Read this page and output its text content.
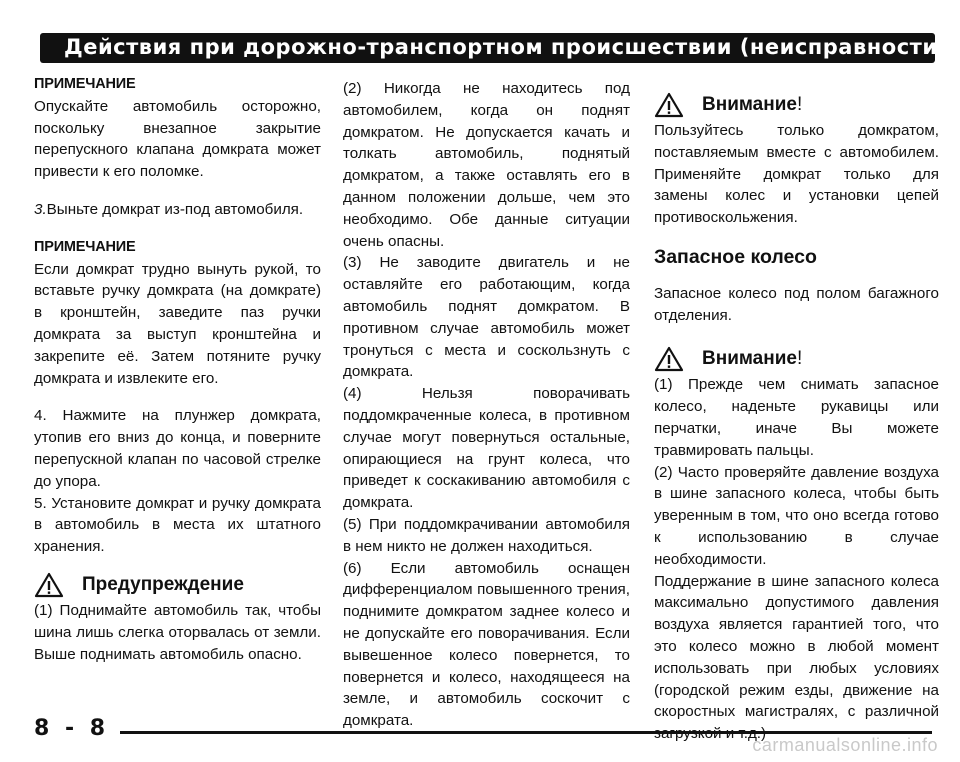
Действия при дорожно-транспортном происшествии (неисправности)

ПРИМЕЧАНИЕ

Опускайте автомобиль осторожно, поскольку внезапное закрытие перепускного клапана домкрата может привести к его поломке.

3.Выньте домкрат из-под автомобиля.

ПРИМЕЧАНИЕ

Если домкрат трудно вынуть рукой, то вставьте ручку домкрата (на домкрате) в кронштейн, заведите паз ручки домкрата за выступ кронштейна и закрепите её. Затем потяните ручку домкрата и извлеките его.

4. Нажмите на плунжер домкрата, утопив его вниз до конца, и поверните перепускной клапан по часовой стрелке до упора.

5. Установите домкрат и ручку домкрата в автомобиль в места их штатного хранения.

Предупреждение

(1) Поднимайте автомобиль так, чтобы шина лишь слегка оторвалась от земли. Выше поднимать автомобиль опасно.

(2) Никогда не находитесь под автомобилем, когда он поднят домкратом. Не допускается качать и толкать автомобиль, поднятый домкратом, а также оставлять его в данном положении дольше, чем это необходимо. Обе данные ситуации очень опасны.

(3) Не заводите двигатель и не оставляйте его работающим, когда автомобиль поднят домкратом. В противном случае автомобиль может тронуться с места и соскользнуть с домкрата.

(4) Нельзя поворачивать поддомкраченные колеса, в противном случае могут повернуться остальные, опирающиеся на грунт колеса, что приведет к соскакиванию автомобиля с домкрата.

(5) При поддомкрачивании автомобиля в нем никто не должен находиться.

(6) Если автомобиль оснащен дифференциалом повышенного трения, поднимите домкратом заднее колесо и не допускайте его поворачивания. Если вывешенное колесо повернется, то повернется и колесо, находящееся на земле, и автомобиль соскочит с домкрата.

Внимание!

Пользуйтесь только домкратом, поставляемым вместе с автомобилем. Применяйте домкрат только для замены колес и установки цепей противоскольжения.

Запасное колесо

Запасное колесо под полом багажного отделения.

Внимание!

(1) Прежде чем снимать запасное колесо, наденьте рукавицы или перчатки, иначе Вы можете травмировать пальцы.

(2) Часто проверяйте давление воздуха в шине запасного колеса, чтобы быть уверенным в том, что оно всегда готово к использованию в случае необходимости.

Поддержание в шине запасного колеса максимально допустимого давления воздуха является гарантией того, что это колесо можно в любой момент использовать при любых условиях (городской режим езды, движение на скоростных магистралях, с различной

8 - 8
carmanualsonline.info
